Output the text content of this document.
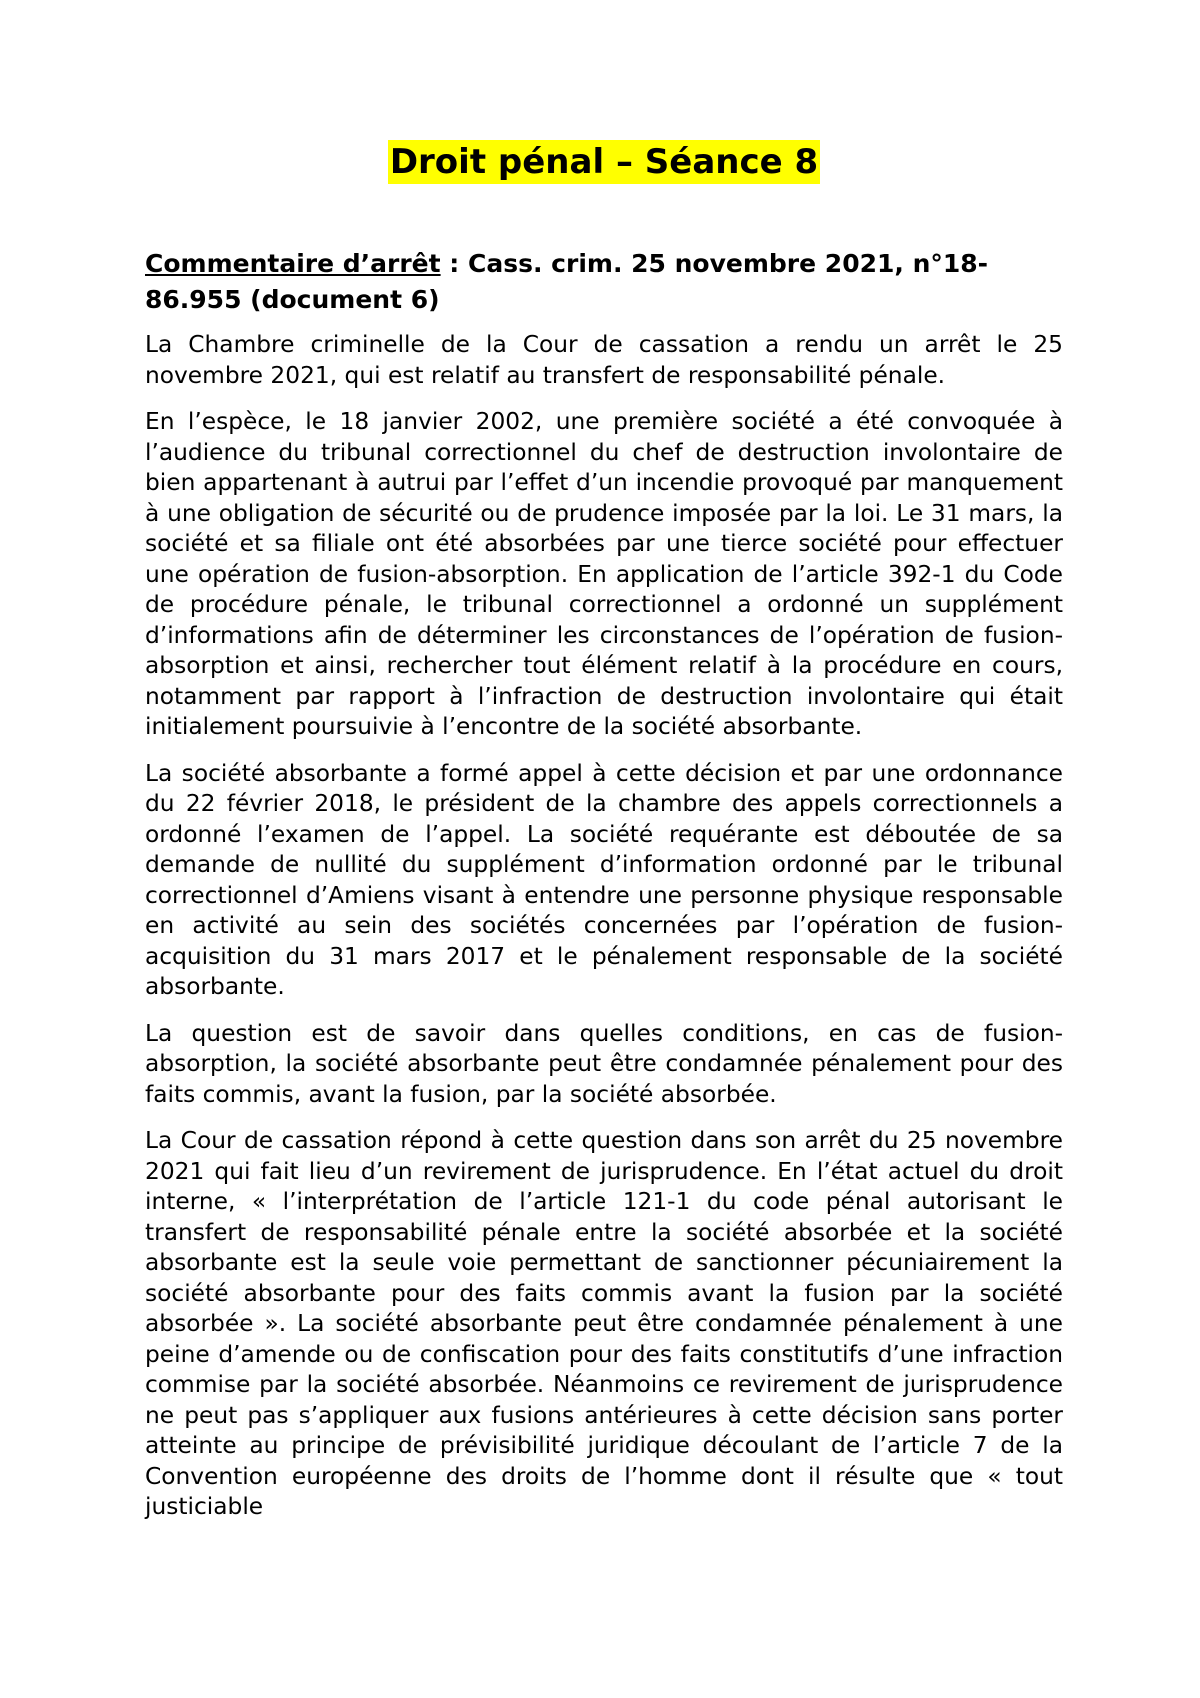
Droit pénal – Séance 8
Commentaire d’arrêt : Cass. crim. 25 novembre 2021, n°18-86.955 (document 6)

La Chambre criminelle de la Cour de cassation a rendu un arrêt le 25 novembre 2021, qui est relatif au transfert de responsabilité pénale.

En l’espèce, le 18 janvier 2002, une première société a été convoquée à l’audience du tribunal correctionnel du chef de destruction involontaire de bien appartenant à autrui par l’effet d’un incendie provoqué par manquement à une obligation de sécurité ou de prudence imposée par la loi. Le 31 mars, la société et sa filiale ont été absorbées par une tierce société pour effectuer une opération de fusion-absorption. En application de l’article 392-1 du Code de procédure pénale, le tribunal correctionnel a ordonné un supplément d’informations afin de déterminer les circonstances de l’opération de fusion-absorption et ainsi, rechercher tout élément relatif à la procédure en cours, notamment par rapport à l’infraction de destruction involontaire qui était initialement poursuivie à l’encontre de la société absorbante.

La société absorbante a formé appel à cette décision et par une ordonnance du 22 février 2018, le président de la chambre des appels correctionnels a ordonné l’examen de l’appel. La société requérante est déboutée de sa demande de nullité du supplément d’information ordonné par le tribunal correctionnel d’Amiens visant à entendre une personne physique responsable en activité au sein des sociétés concernées par l’opération de fusion-acquisition du 31 mars 2017 et le pénalement responsable de la société absorbante.

La question est de savoir dans quelles conditions, en cas de fusion-absorption, la société absorbante peut être condamnée pénalement pour des faits commis, avant la fusion, par la société absorbée.

La Cour de cassation répond à cette question dans son arrêt du 25 novembre 2021 qui fait lieu d’un revirement de jurisprudence. En l’état actuel du droit interne, « l’interprétation de l’article 121-1 du code pénal autorisant le transfert de responsabilité pénale entre la société absorbée et la société absorbante est la seule voie permettant de sanctionner pécuniairement la société absorbante pour des faits commis avant la fusion par la société absorbée ». La société absorbante peut être condamnée pénalement à une peine d’amende ou de confiscation pour des faits constitutifs d’une infraction commise par la société absorbée. Néanmoins ce revirement de jurisprudence ne peut pas s’appliquer aux fusions antérieures à cette décision sans porter atteinte au principe de prévisibilité juridique découlant de l’article 7 de la Convention européenne des droits de l’homme dont il résulte que « tout justiciable
